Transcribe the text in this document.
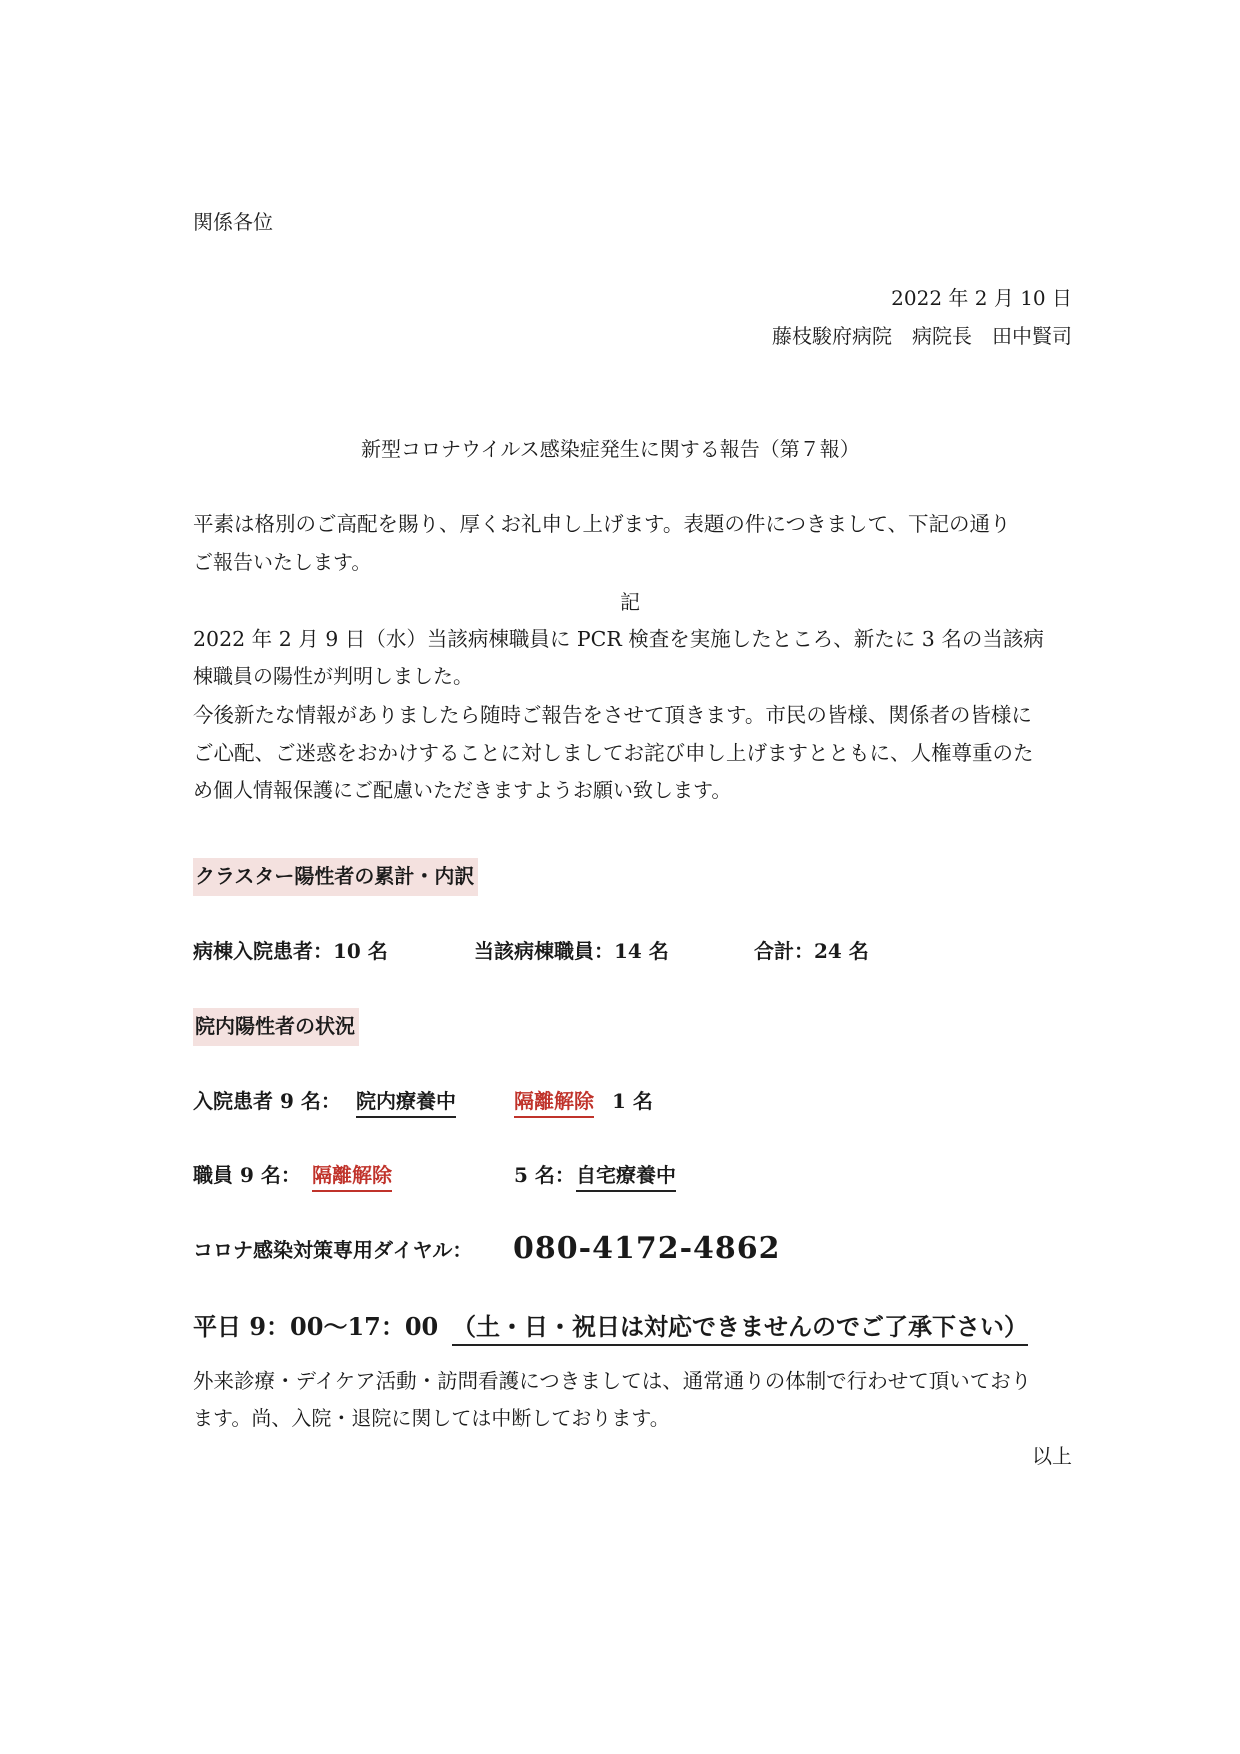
関係各位
2022 年 2 月 10 日
藤枝駿府病院　病院長　田中賢司
新型コロナウイルス感染症発生に関する報告（第７報）
平素は格別のご高配を賜り、厚くお礼申し上げます。表題の件につきまして、下記の通り
ご報告いたします。
記
2022 年 2 月 9 日（水）当該病棟職員に PCR 検査を実施したところ、新たに 3 名の当該病
棟職員の陽性が判明しました。
今後新たな情報がありましたら随時ご報告をさせて頂きます。市民の皆様、関係者の皆様に
ご心配、ご迷惑をおかけすることに対しましてお詫び申し上げますとともに、人権尊重のた
め個人情報保護にご配慮いただきますようお願い致します。
クラスター陽性者の累計・内訳
病棟入院患者：10 名	当該病棟職員：14 名	合計：24 名
院内陽性者の状況
入院患者 9 名： 院内療養中	隔離解除 1 名
職員 9 名： 隔離解除	5 名： 自宅療養中
コロナ感染対策専用ダイヤル： 080-4172-4862
平日 9：00～17：00 （土・日・祝日は対応できませんのでご了承下さい）
外来診療・デイケア活動・訪問看護につきましては、通常通りの体制で行わせて頂いており
ます。尚、入院・退院に関しては中断しております。
以上
